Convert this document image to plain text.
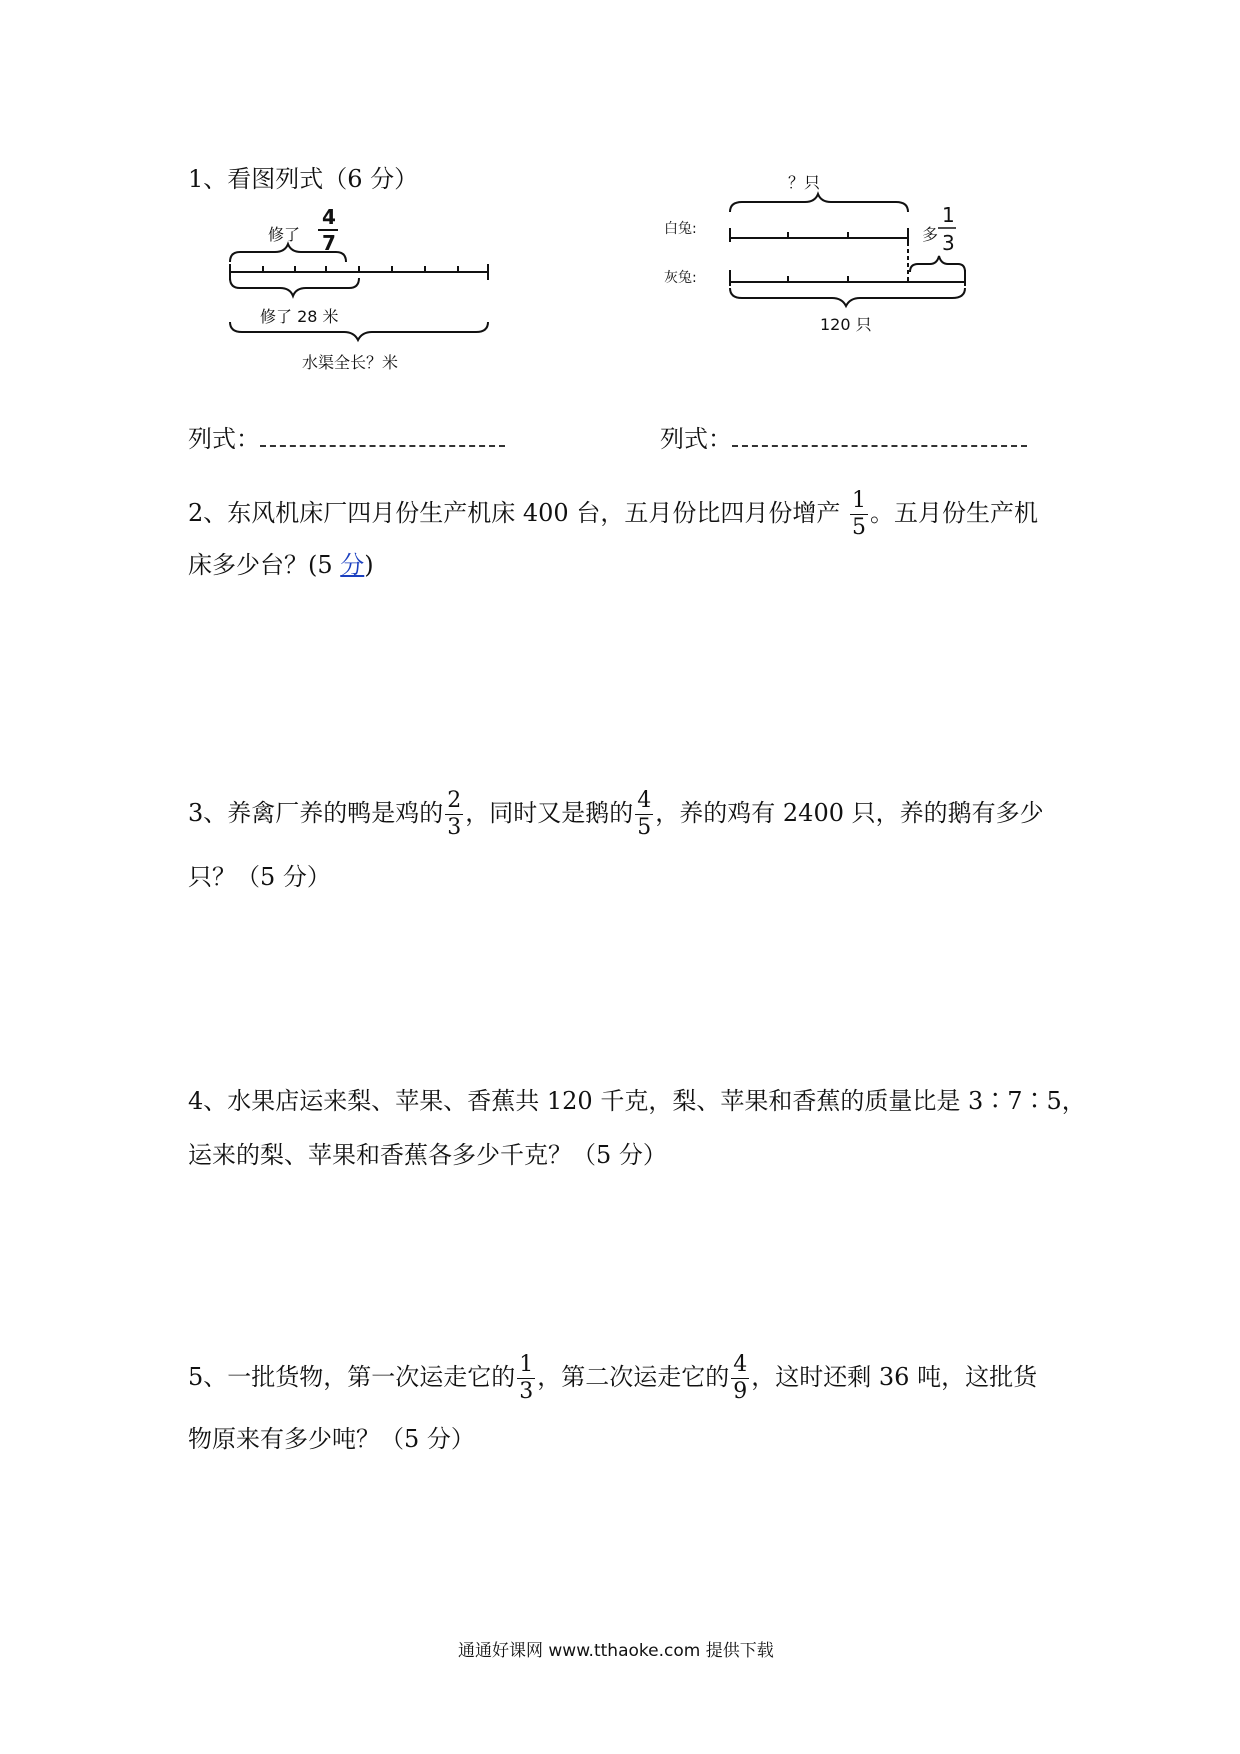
1、看图列式（6 分）
修了
4
7
修了 28 米
水渠全长？米
？只
白兔:
灰兔:
多
1
3
120 只
列式：	列式：
2、东风机床厂四月份生产机床 400 台，五月份比四月份增产 $\frac{1}{5}$ 。五月份生产机
床多少台？(5 分)
3、养禽厂养的鸭是鸡的 $\frac{2}{3}$ ，同时又是鹅的 $\frac{4}{5}$ ，养的鸡有 2400 只，养的鹅有多少
只？（5 分）
4、水果店运来梨、苹果、香蕉共 120 千克，梨、苹果和香蕉的质量比是 3∶7∶5，
运来的梨、苹果和香蕉各多少千克？（5 分）
5、一批货物，第一次运走它的 $\frac{1}{3}$ ，第二次运走它的 $\frac{4}{9}$ ，这时还剩 36 吨，这批货
物原来有多少吨？（5 分）
通通好课网 www.tthaoke.com 提供下载
